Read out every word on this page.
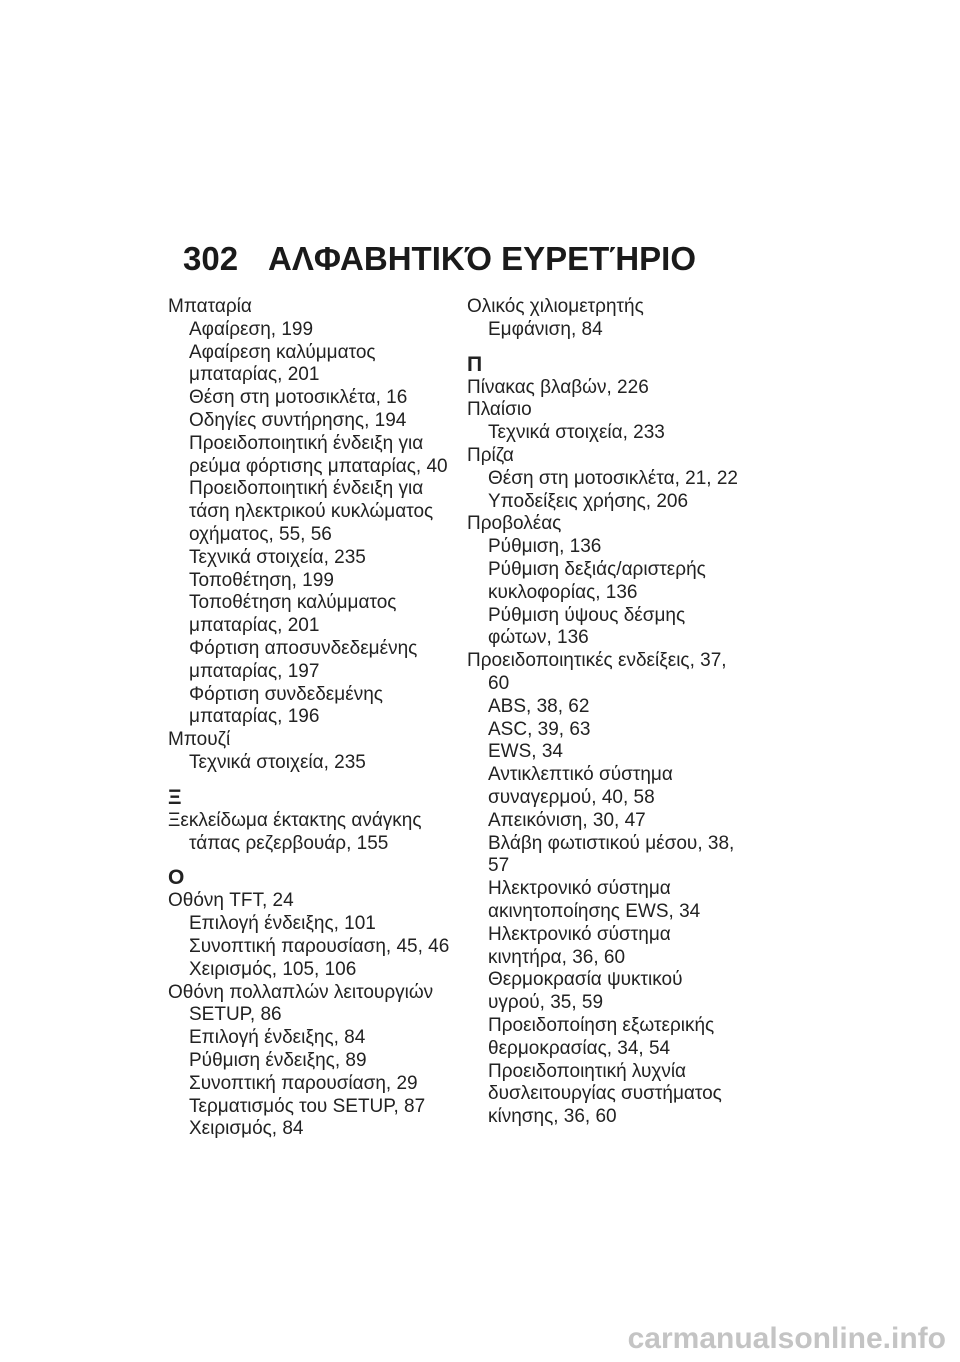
302 ΑΛΦΑΒΗΤΙΚΌ ΕΥΡΕΤΉΡΙΟ
Μπαταρία
Αφαίρεση, 199
Αφαίρεση καλύμματος
μπαταρίας, 201
Θέση στη μοτοσικλέτα, 16
Οδηγίες συντήρησης, 194
Προειδοποιητική ένδειξη για
ρεύμα φόρτισης μπαταρίας, 40
Προειδοποιητική ένδειξη για
τάση ηλεκτρικού κυκλώματος
οχήματος, 55, 56
Τεχνικά στοιχεία, 235
Τοποθέτηση, 199
Τοποθέτηση καλύμματος
μπαταρίας, 201
Φόρτιση αποσυνδεδεμένης
μπαταρίας, 197
Φόρτιση συνδεδεμένης
μπαταρίας, 196
Μπουζί
Τεχνικά στοιχεία, 235
Ξ
Ξεκλείδωμα έκτακτης ανάγκης
τάπας ρεζερβουάρ, 155
Ο
Οθόνη TFT, 24
Επιλογή ένδειξης, 101
Συνοπτική παρουσίαση, 45, 46
Χειρισμός, 105, 106
Οθόνη πολλαπλών λειτουργιών
SETUP, 86
Επιλογή ένδειξης, 84
Ρύθμιση ένδειξης, 89
Συνοπτική παρουσίαση, 29
Τερματισμός του SETUP, 87
Χειρισμός, 84
Ολικός χιλιομετρητής
Εμφάνιση, 84
Π
Πίνακας βλαβών, 226
Πλαίσιο
Τεχνικά στοιχεία, 233
Πρίζα
Θέση στη μοτοσικλέτα, 21, 22
Υποδείξεις χρήσης, 206
Προβολέας
Ρύθμιση, 136
Ρύθμιση δεξιάς/αριστερής
κυκλοφορίας, 136
Ρύθμιση ύψους δέσμης
φώτων, 136
Προειδοποιητικές ενδείξεις, 37,
60
ABS, 38, 62
ASC, 39, 63
EWS, 34
Αντικλεπτικό σύστημα
συναγερμού, 40, 58
Απεικόνιση, 30, 47
Βλάβη φωτιστικού μέσου, 38,
57
Ηλεκτρονικό σύστημα
ακινητοποίησης EWS, 34
Ηλεκτρονικό σύστημα
κινητήρα, 36, 60
Θερμοκρασία ψυκτικού
υγρού, 35, 59
Προειδοποίηση εξωτερικής
θερμοκρασίας, 34, 54
Προειδοποιητική λυχνία
δυσλειτουργίας συστήματος
κίνησης, 36, 60
carmanualsonline.info
